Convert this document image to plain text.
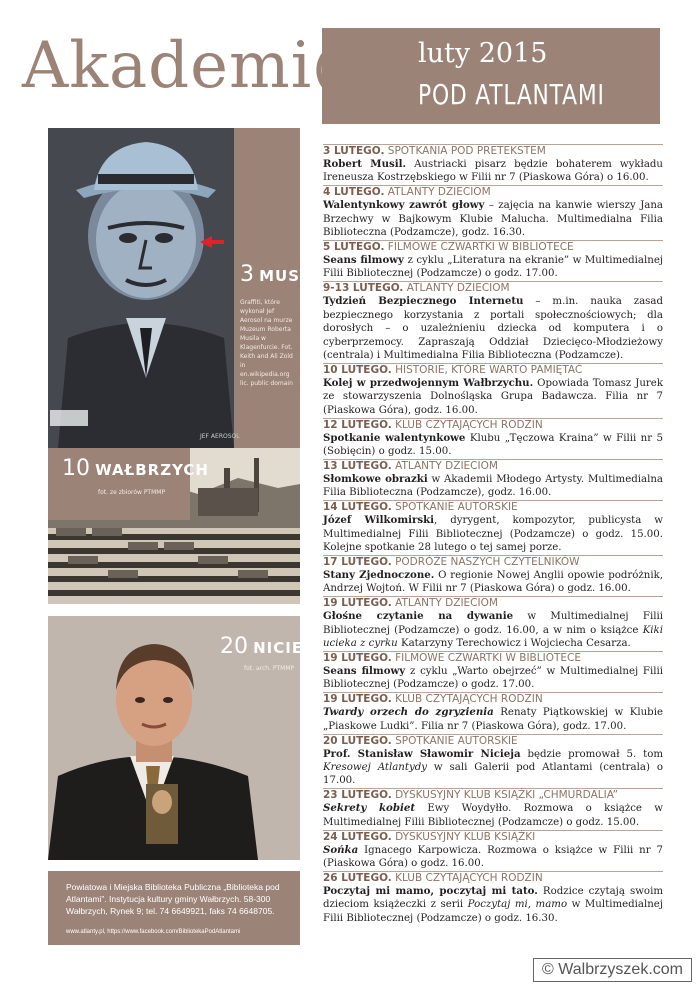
Akademi@ luty 2015
POD ATLANTAMI
JEF AEROSOL
3 MUSIL
Graffiti, które wykonał Jef Aerosol na murze Muzeum Roberta Musila w Klagenfurcie. Fot. Keith and Ali Zold in en.wikipedia.org lic. public domain
10 WAŁBRZYCH
fot. ze zbiorów PTMMP
20 NICIEJA
fot. arch. PTMMP
Powiatowa i Miejska Biblioteka Publiczna „Biblioteka pod Atlantami”. Instytucja kultury gminy Wałbrzych. 58-300 Wałbrzych, Rynek 9; tel. 74 6649921, faks 74 6648705.
www.atlanty.pl, https://www.facebook.com/BibliotekaPodAtlantami
3 LUTEGO. SPOTKANIA POD PRETEKSTEM
Robert Musil. Austriacki pisarz będzie bohaterem wykładu Ireneusza Kostrzębskiego w Filii nr 7 (Piaskowa Góra) o 16.00.
4 LUTEGO. ATLANTY DZIECIOM
Walentynkowy zawrót głowy – zajęcia na kanwie wierszy Jana Brzechwy w Bajkowym Klubie Malucha. Multimedialna Filia Biblioteczna (Podzamcze), godz. 16.30.
5 LUTEGO. FILMOWE CZWARTKI W BIBLIOTECE
Seans filmowy z cyklu „Literatura na ekranie” w Multimedialnej Filii Bibliotecznej (Podzamcze) o godz. 17.00.
9-13 LUTEGO. ATLANTY DZIECIOM
Tydzień Bezpiecznego Internetu – m.in. nauka zasad bezpiecznego korzystania z portali społecznościowych; dla dorosłych – o uzależnieniu dziecka od komputera i o cyberprzemocy. Zapraszają Oddział Dziecięco-Młodzieżowy (centrala) i Multimedialna Filia Biblioteczna (Podzamcze).
10 LUTEGO. HISTORIE, KTÓRE WARTO PAMIĘTAĆ
Kolej w przedwojennym Wałbrzychu. Opowiada Tomasz Jurek ze stowarzyszenia Dolnośląska Grupa Badawcza. Filia nr 7 (Piaskowa Góra), godz. 16.00.
12 LUTEGO. KLUB CZYTAJĄCYCH RODZIN
Spotkanie walentynkowe Klubu „Tęczowa Kraina” w Filii nr 5 (Sobięcin) o godz. 15.00.
13 LUTEGO. ATLANTY DZIECIOM
Słomkowe obrazki w Akademii Młodego Artysty. Multimedialna Filia Biblioteczna (Podzamcze), godz. 16.00.
14 LUTEGO. SPOTKANIE AUTORSKIE
Józef Wilkomirski, dyrygent, kompozytor, publicysta w Multimedialnej Filii Bibliotecznej (Podzamcze) o godz. 15.00. Kolejne spotkanie 28 lutego o tej samej porze.
17 LUTEGO. PODRÓŻE NASZYCH CZYTELNIKÓW
Stany Zjednoczone. O regionie Nowej Anglii opowie podróżnik, Andrzej Wojtoń. W Filii nr 7 (Piaskowa Góra) o godz. 16.00.
19 LUTEGO. ATLANTY DZIECIOM
Głośne czytanie na dywanie w Multimedialnej Filii Bibliotecznej (Podzamcze) o godz. 16.00, a w nim o książce Kiki ucieka z cyrku Katarzyny Terechowicz i Wojciecha Cesarza.
19 LUTEGO. FILMOWE CZWARTKI W BIBLIOTECE
Seans filmowy z cyklu „Warto obejrzeć” w Multimedialnej Filii Bibliotecznej (Podzamcze) o godz. 17.00.
19 LUTEGO. KLUB CZYTAJĄCYCH RODZIN
Twardy orzech do zgryzienia Renaty Piątkowskiej w Klubie „Piaskowe Ludki”. Filia nr 7 (Piaskowa Góra), godz. 17.00.
20 LUTEGO. SPOTKANIE AUTORSKIE
Prof. Stanisław Sławomir Nicieja będzie promował 5. tom Kresowej Atlantydy w sali Galerii pod Atlantami (centrala) o 17.00.
23 LUTEGO. DYSKUSYJNY KLUB KSIĄŻKI „CHMURDALIA”
Sekrety kobiet Ewy Woydyłło. Rozmowa o książce w Multimedialnej Filii Bibliotecznej (Podzamcze) o godz. 15.00.
24 LUTEGO. DYSKUSYJNY KLUB KSIĄŻKI
Sońka Ignacego Karpowicza. Rozmowa o książce w Filii nr 7 (Piaskowa Góra) o godz. 16.00.
26 LUTEGO. KLUB CZYTAJĄCYCH RODZIN
Poczytaj mi mamo, poczytaj mi tato. Rodzice czytają swoim dzieciom książeczki z serii Poczytaj mi, mamo w Multimedialnej Filii Bibliotecznej (Podzamcze) o godz. 16.30.
© Walbrzyszek.com
